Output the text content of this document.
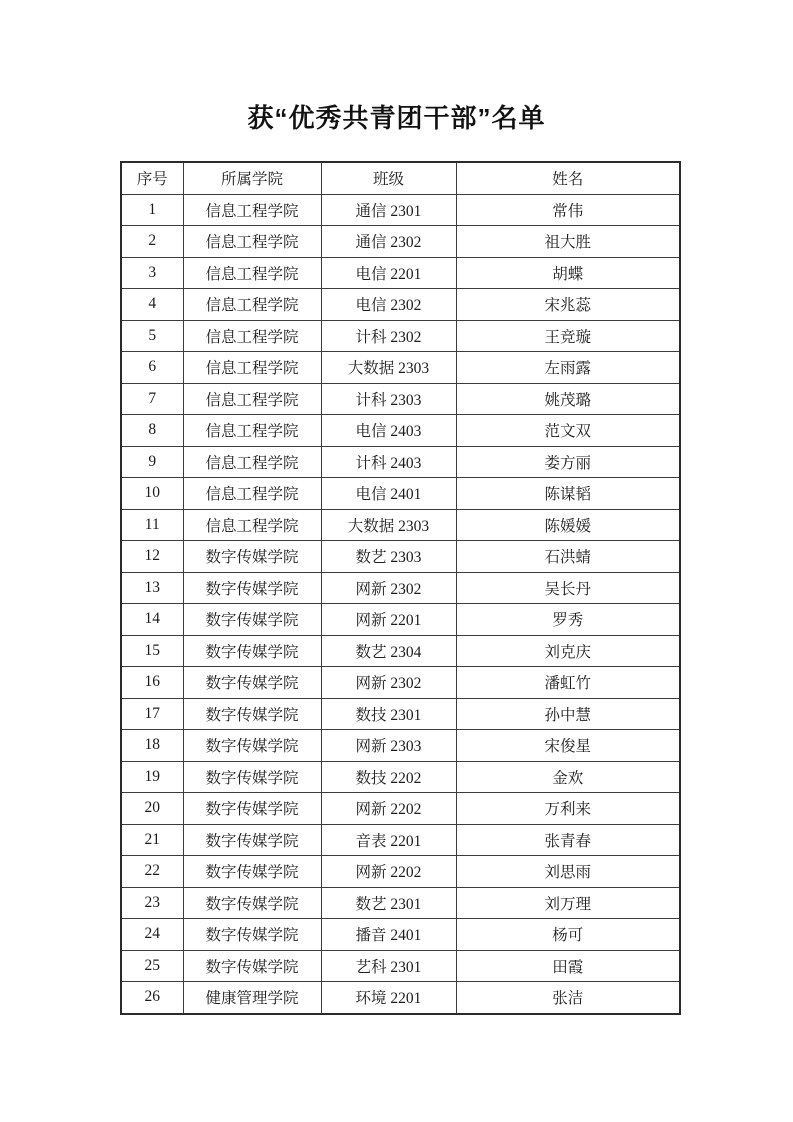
获“优秀共青团干部”名单
序号	所属学院	班级	姓名
1	信息工程学院	通信 2301	常伟
2	信息工程学院	通信 2302	祖大胜
3	信息工程学院	电信 2201	胡蝶
4	信息工程学院	电信 2302	宋兆蕊
5	信息工程学院	计科 2302	王竞璇
6	信息工程学院	大数据 2303	左雨露
7	信息工程学院	计科 2303	姚茂璐
8	信息工程学院	电信 2403	范文双
9	信息工程学院	计科 2403	娄方丽
10	信息工程学院	电信 2401	陈谋韬
11	信息工程学院	大数据 2303	陈媛媛
12	数字传媒学院	数艺 2303	石洪蜻
13	数字传媒学院	网新 2302	吴长丹
14	数字传媒学院	网新 2201	罗秀
15	数字传媒学院	数艺 2304	刘克庆
16	数字传媒学院	网新 2302	潘虹竹
17	数字传媒学院	数技 2301	孙中慧
18	数字传媒学院	网新 2303	宋俊星
19	数字传媒学院	数技 2202	金欢
20	数字传媒学院	网新 2202	万利来
21	数字传媒学院	音表 2201	张青春
22	数字传媒学院	网新 2202	刘思雨
23	数字传媒学院	数艺 2301	刘万理
24	数字传媒学院	播音 2401	杨可
25	数字传媒学院	艺科 2301	田霞
26	健康管理学院	环境 2201	张洁
